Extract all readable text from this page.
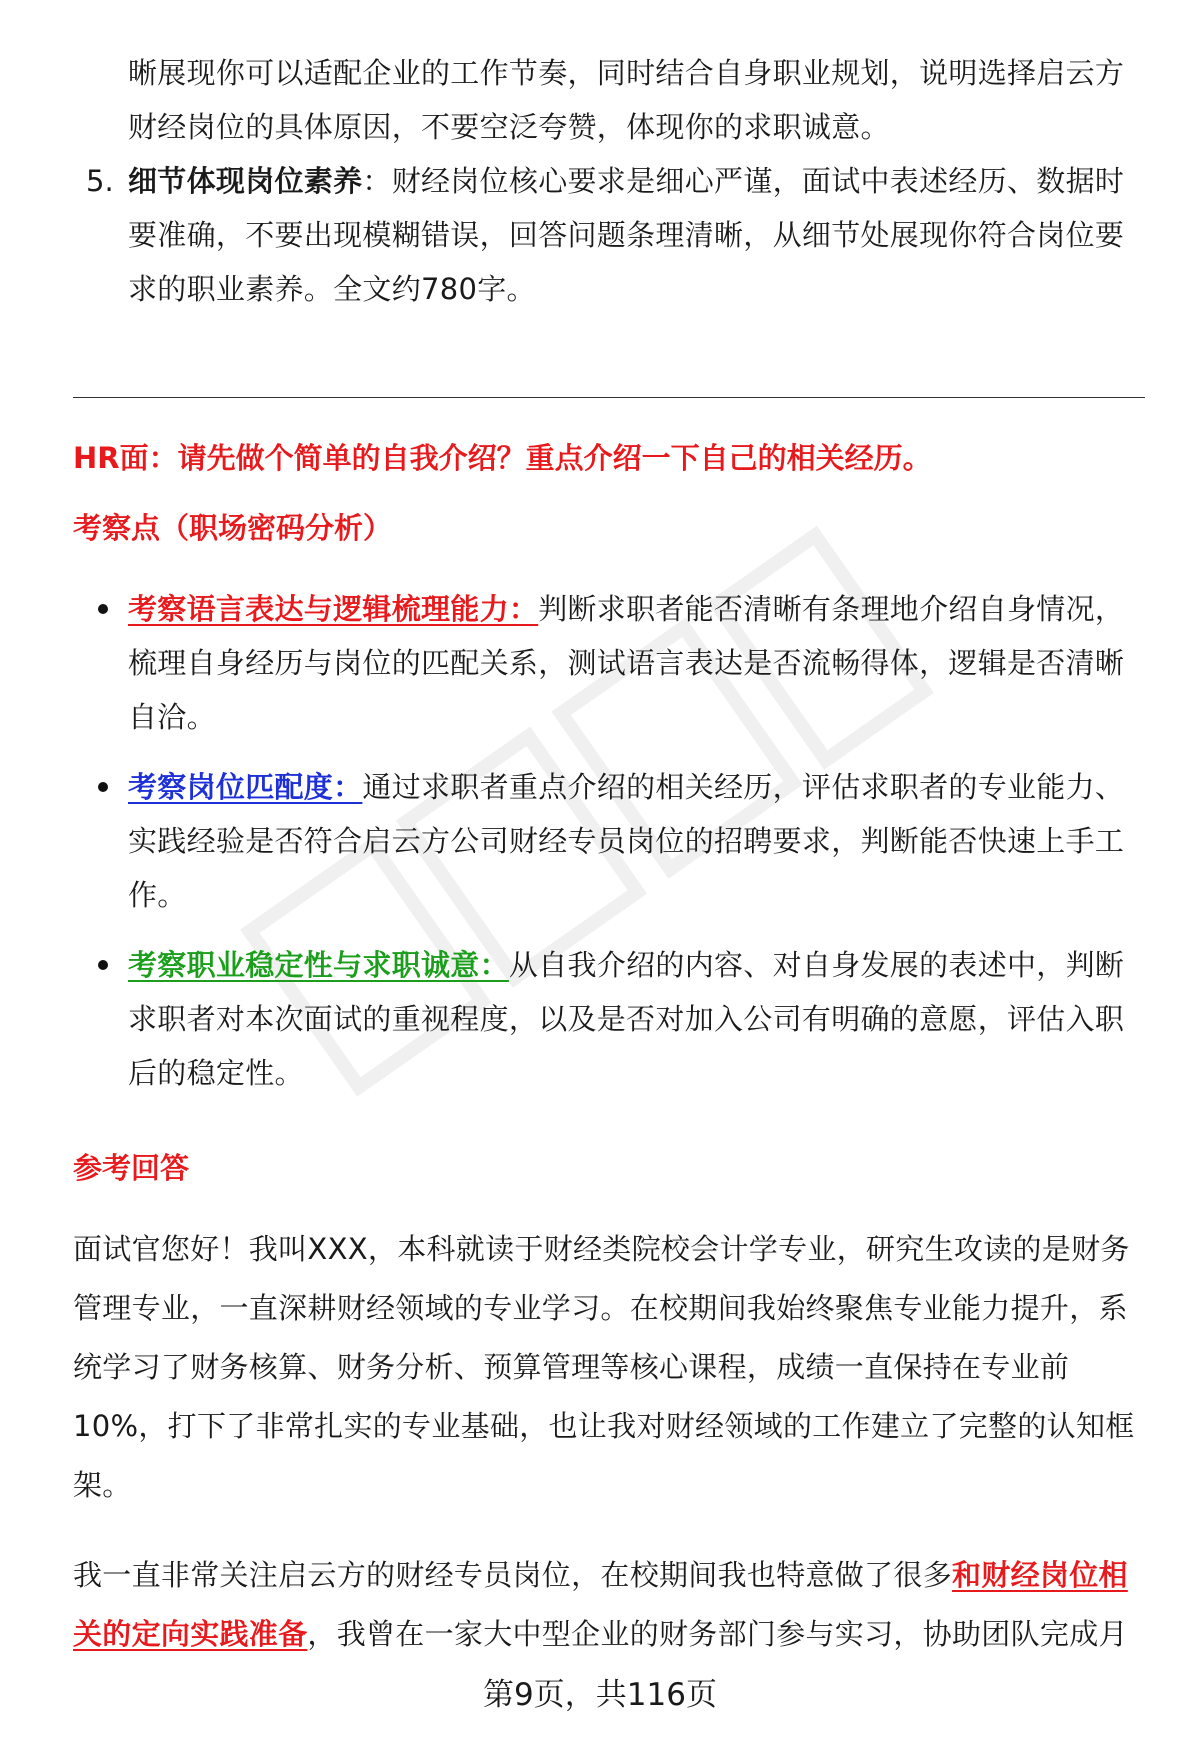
晰展现你可以适配企业的工作节奏，同时结合自身职业规划，说明选择启云方
财经岗位的具体原因，不要空泛夸赞，体现你的求职诚意。
5. 细节体现岗位素养：财经岗位核心要求是细心严谨，面试中表述经历、数据时
要准确，不要出现模糊错误，回答问题条理清晰，从细节处展现你符合岗位要
求的职业素养。全文约780字。
HR面：请先做个简单的自我介绍？重点介绍一下自己的相关经历。
考察点（职场密码分析）
考察语言表达与逻辑梳理能力：判断求职者能否清晰有条理地介绍自身情况，
梳理自身经历与岗位的匹配关系，测试语言表达是否流畅得体，逻辑是否清晰
自洽。
考察岗位匹配度：通过求职者重点介绍的相关经历，评估求职者的专业能力、
实践经验是否符合启云方公司财经专员岗位的招聘要求，判断能否快速上手工
作。
考察职业稳定性与求职诚意：从自我介绍的内容、对自身发展的表述中，判断
求职者对本次面试的重视程度，以及是否对加入公司有明确的意愿，评估入职
后的稳定性。
参考回答
面试官您好！我叫XXX，本科就读于财经类院校会计学专业，研究生攻读的是财务
管理专业，一直深耕财经领域的专业学习。在校期间我始终聚焦专业能力提升，系
统学习了财务核算、财务分析、预算管理等核心课程，成绩一直保持在专业前
10%，打下了非常扎实的专业基础，也让我对财经领域的工作建立了完整的认知框
架。
我一直非常关注启云方的财经专员岗位，在校期间我也特意做了很多和财经岗位相
关的定向实践准备，我曾在一家大中型企业的财务部门参与实习，协助团队完成月
第9页，共116页
